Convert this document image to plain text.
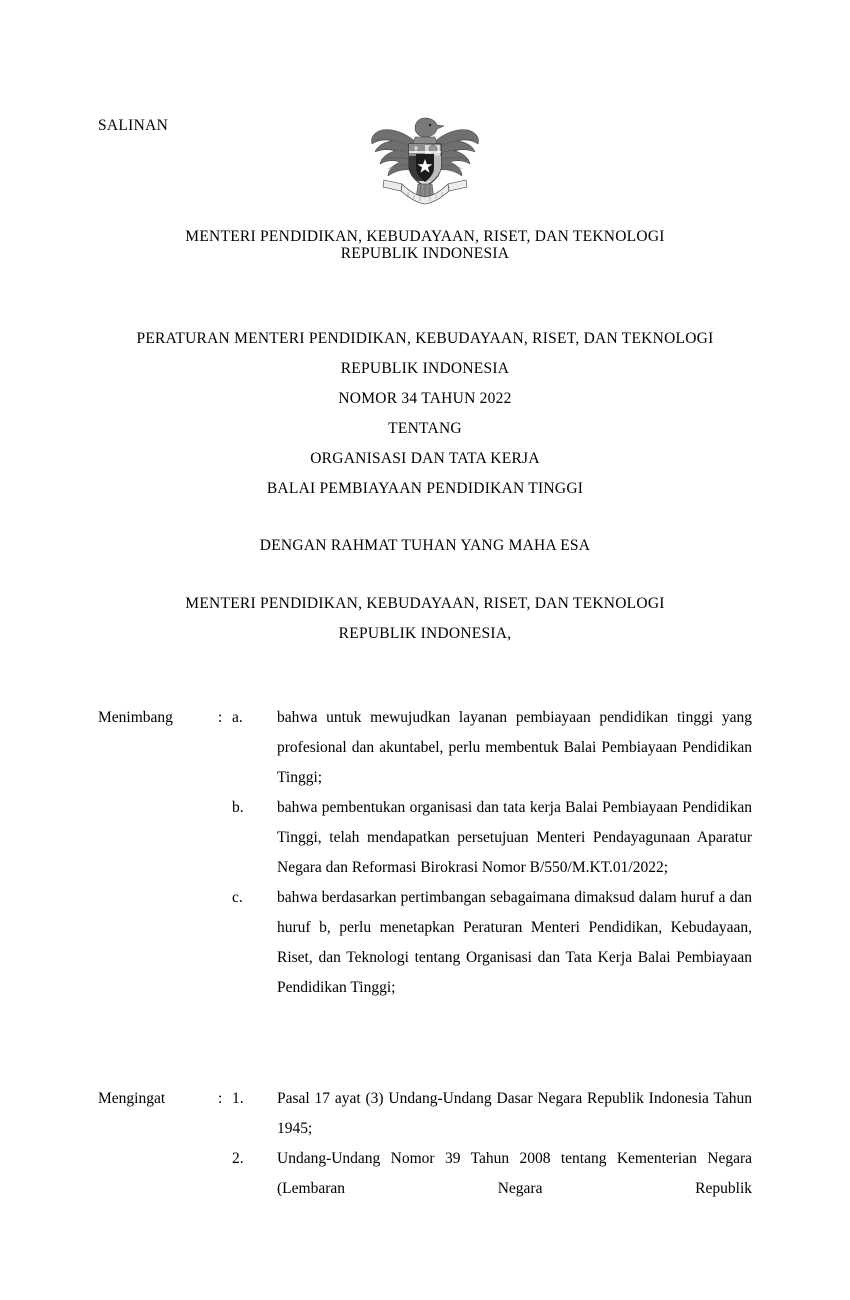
SALINAN
MENTERI PENDIDIKAN, KEBUDAYAAN, RISET, DAN TEKNOLOGI
REPUBLIK INDONESIA
PERATURAN MENTERI PENDIDIKAN, KEBUDAYAAN, RISET, DAN TEKNOLOGI
REPUBLIK INDONESIA
NOMOR 34 TAHUN 2022
TENTANG
ORGANISASI DAN TATA KERJA
BALAI PEMBIAYAAN PENDIDIKAN TINGGI
DENGAN RAHMAT TUHAN YANG MAHA ESA
MENTERI PENDIDIKAN, KEBUDAYAAN, RISET, DAN TEKNOLOGI
REPUBLIK INDONESIA,
Menimbang	: a.	bahwa untuk mewujudkan layanan pembiayaan pendidikan tinggi yang profesional dan akuntabel, perlu membentuk Balai Pembiayaan Pendidikan Tinggi;
b.	bahwa pembentukan organisasi dan tata kerja Balai Pembiayaan Pendidikan Tinggi, telah mendapatkan persetujuan Menteri Pendayagunaan Aparatur Negara dan Reformasi Birokrasi Nomor B/550/M.KT.01/2022;
c.	bahwa berdasarkan pertimbangan sebagaimana dimaksud dalam huruf a dan huruf b, perlu menetapkan Peraturan Menteri Pendidikan, Kebudayaan, Riset, dan Teknologi tentang Organisasi dan Tata Kerja Balai Pembiayaan Pendidikan Tinggi;
Mengingat	: 1.	Pasal 17 ayat (3) Undang-Undang Dasar Negara Republik Indonesia Tahun 1945;
2.	Undang-Undang Nomor 39 Tahun 2008 tentang Kementerian Negara (Lembaran Negara Republik
